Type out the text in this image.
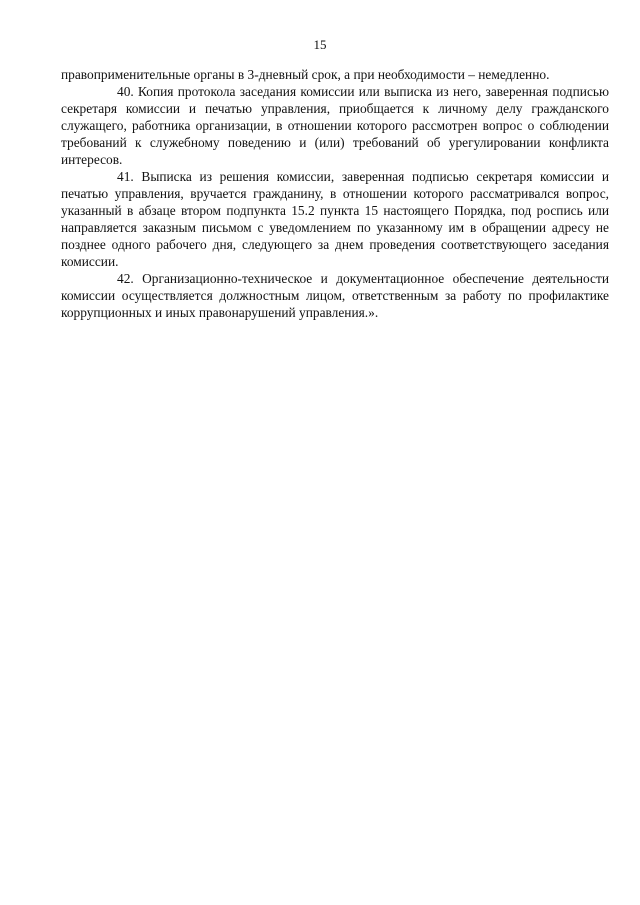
15

правоприменительные органы в 3-дневный срок, а при необходимости – немедленно.

40. Копия протокола заседания комиссии или выписка из него, заверенная подписью секретаря комиссии и печатью управления, приобщается к личному делу гражданского служащего, работника организации, в отношении которого рассмотрен вопрос о соблюдении требований к служебному поведению и (или) требований об урегулировании конфликта интересов.

41. Выписка из решения комиссии, заверенная подписью секретаря комиссии и печатью управления, вручается гражданину, в отношении которого рассматривался вопрос, указанный в абзаце втором подпункта 15.2 пункта 15 настоящего Порядка, под роспись или направляется заказным письмом с уведомлением по указанному им в обращении адресу не позднее одного рабочего дня, следующего за днем проведения соответствующего заседания комиссии.

42. Организационно-техническое и документационное обеспечение деятельности комиссии осуществляется должностным лицом, ответственным за работу по профилактике коррупционных и иных правонарушений управления.».
